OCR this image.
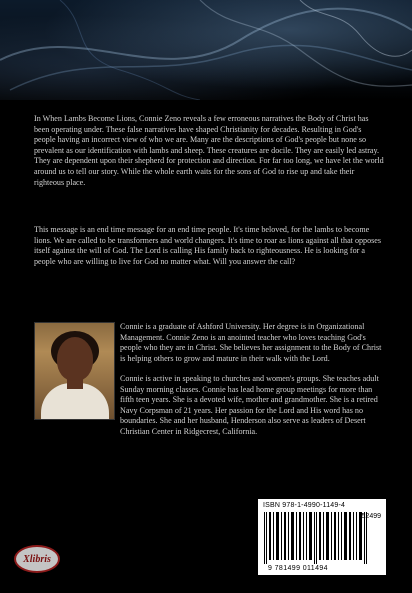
In When Lambs Become Lions, Connie Zeno reveals a few erroneous narratives the Body of Christ has been operating under. These false narratives have shaped Christianity for decades. Resulting in God's people having an incorrect view of who we are. Many are the descriptions of God's people but none so prevalent as our identification with lambs and sheep. These creatures are docile. They are easily led astray. They are dependent upon their shepherd for protection and direction. For far too long, we have let the world around us to tell our story. While the whole earth waits for the sons of God to rise up and take their righteous place.
This message is an end time message for an end time people. It's time beloved, for the lambs to become lions. We are called to be transformers and world changers. It's time to roar as lions against all that opposes itself against the will of God. The Lord is calling His family back to righteousness. He is looking for a people who are willing to live for God no matter what. Will you answer the call?
Connie is a graduate of Ashford University. Her degree is in Organizational Management. Connie Zeno is an anointed teacher who loves teaching God's people who they are in Christ. She believes her assignment to the Body of Christ is helping others to grow and mature in their walk with the Lord.
Connie is active in speaking to churches and women's groups. She teaches adult Sunday morning classes. Connie has lead home group meetings for more than fifth teen years. She is a devoted wife, mother and grandmother. She is a retired Navy Corpsman of 21 years. Her passion for the Lord and His word has no boundaries. She and her husband, Henderson also serve as leaders of Desert Christian Center in Ridgecrest, California.
Xlibris
ISBN 978-1-4990-1149-4
52499
9 781499 011494
